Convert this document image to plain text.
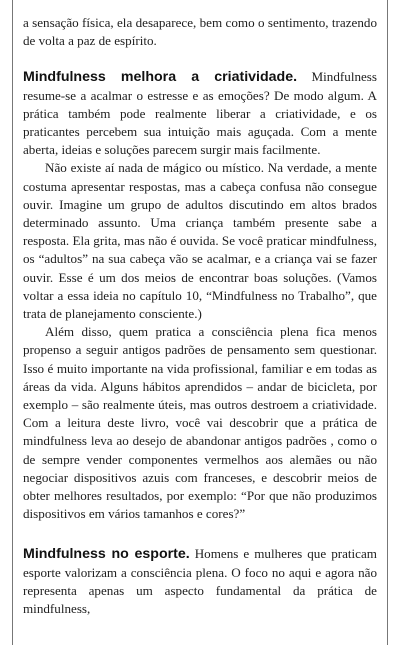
a sensação física, ela desaparece, bem como o sentimento, trazendo de volta a paz de espírito.

Mindfulness melhora a criatividade. Mindfulness resume-se a acalmar o estresse e as emoções? De modo algum. A prática também pode realmente liberar a criatividade, e os praticantes percebem sua intuição mais aguçada. Com a mente aberta, ideias e soluções parecem surgir mais facilmente.

Não existe aí nada de mágico ou místico. Na verdade, a mente costuma apresentar respostas, mas a cabeça confusa não consegue ouvir. Imagine um grupo de adultos discutindo em altos brados determinado assunto. Uma criança também presente sabe a resposta. Ela grita, mas não é ouvida. Se você praticar mindfulness, os “adultos” na sua cabeça vão se acalmar, e a criança vai se fazer ouvir. Esse é um dos meios de encontrar boas soluções. (Vamos voltar a essa ideia no capítulo 10, “Mindfulness no Trabalho”, que trata de planejamento consciente.)

Além disso, quem pratica a consciência plena fica menos propenso a seguir antigos padrões de pensamento sem questionar. Isso é muito importante na vida profissional, familiar e em todas as áreas da vida. Alguns hábitos aprendidos – andar de bicicleta, por exemplo – são realmente úteis, mas outros destroem a criatividade. Com a leitura deste livro, você vai descobrir que a prática de mindfulness leva ao desejo de abandonar antigos padrões , como o de sempre vender componentes vermelhos aos alemães ou não negociar dispositivos azuis com franceses, e descobrir meios de obter melhores resultados, por exemplo: “Por que não produzimos dispositivos em vários tamanhos e cores?”

Mindfulness no esporte. Homens e mulheres que praticam esporte valorizam a consciência plena. O foco no aqui e agora não representa apenas um aspecto fundamental da prática de mindfulness,
